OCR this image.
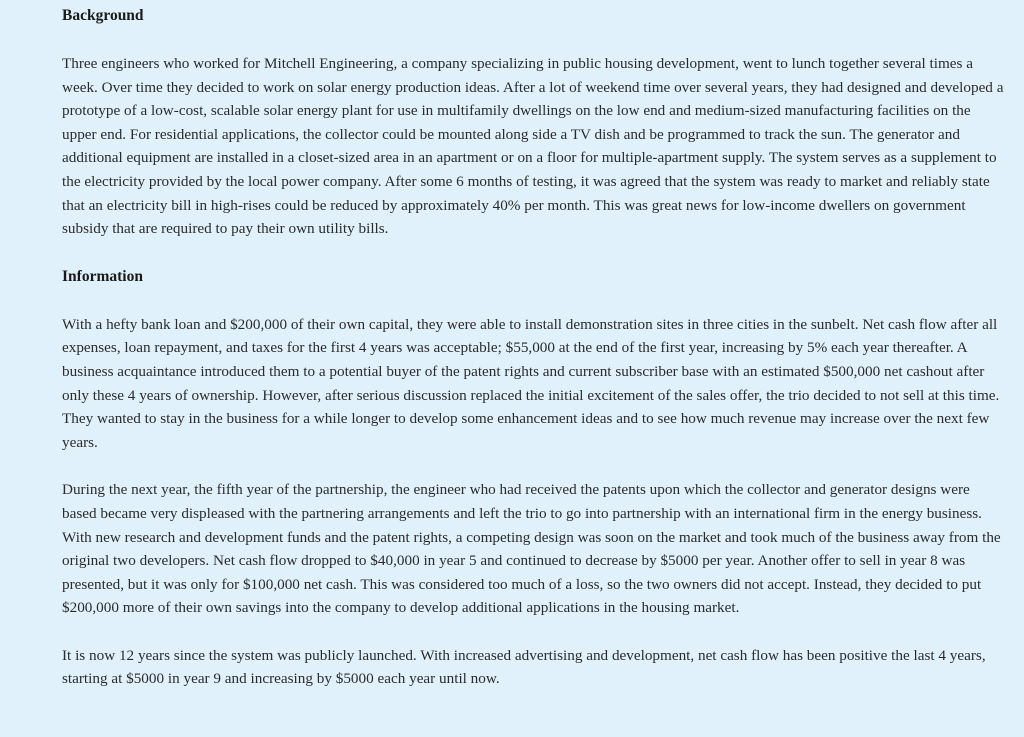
Background

Three engineers who worked for Mitchell Engineering, a company specializing in public housing development, went to lunch together several times a week. Over time they decided to work on solar energy production ideas. After a lot of weekend time over several years, they had designed and developed a prototype of a low-cost, scalable solar energy plant for use in multifamily dwellings on the low end and medium-sized manufacturing facilities on the upper end. For residential applications, the collector could be mounted along side a TV dish and be programmed to track the sun. The generator and additional equipment are installed in a closet-sized area in an apartment or on a floor for multiple-apartment supply. The system serves as a supplement to the electricity provided by the local power company. After some 6 months of testing, it was agreed that the system was ready to market and reliably state that an electricity bill in high-rises could be reduced by approximately 40% per month. This was great news for low-income dwellers on government subsidy that are required to pay their own utility bills.

Information

With a hefty bank loan and $200,000 of their own capital, they were able to install demonstration sites in three cities in the sunbelt. Net cash flow after all expenses, loan repayment, and taxes for the first 4 years was acceptable; $55,000 at the end of the first year, increasing by 5% each year thereafter. A business acquaintance introduced them to a potential buyer of the patent rights and current subscriber base with an estimated $500,000 net cashout after only these 4 years of ownership. However, after serious discussion replaced the initial excitement of the sales offer, the trio decided to not sell at this time. They wanted to stay in the business for a while longer to develop some enhancement ideas and to see how much revenue may increase over the next few years.

During the next year, the fifth year of the partnership, the engineer who had received the patents upon which the collector and generator designs were based became very displeased with the partnering arrangements and left the trio to go into partnership with an international firm in the energy business. With new research and development funds and the patent rights, a competing design was soon on the market and took much of the business away from the original two developers. Net cash flow dropped to $40,000 in year 5 and continued to decrease by $5000 per year. Another offer to sell in year 8 was presented, but it was only for $100,000 net cash. This was considered too much of a loss, so the two owners did not accept. Instead, they decided to put $200,000 more of their own savings into the company to develop additional applications in the housing market.

It is now 12 years since the system was publicly launched. With increased advertising and development, net cash flow has been positive the last 4 years, starting at $5000 in year 9 and increasing by $5000 each year until now.
